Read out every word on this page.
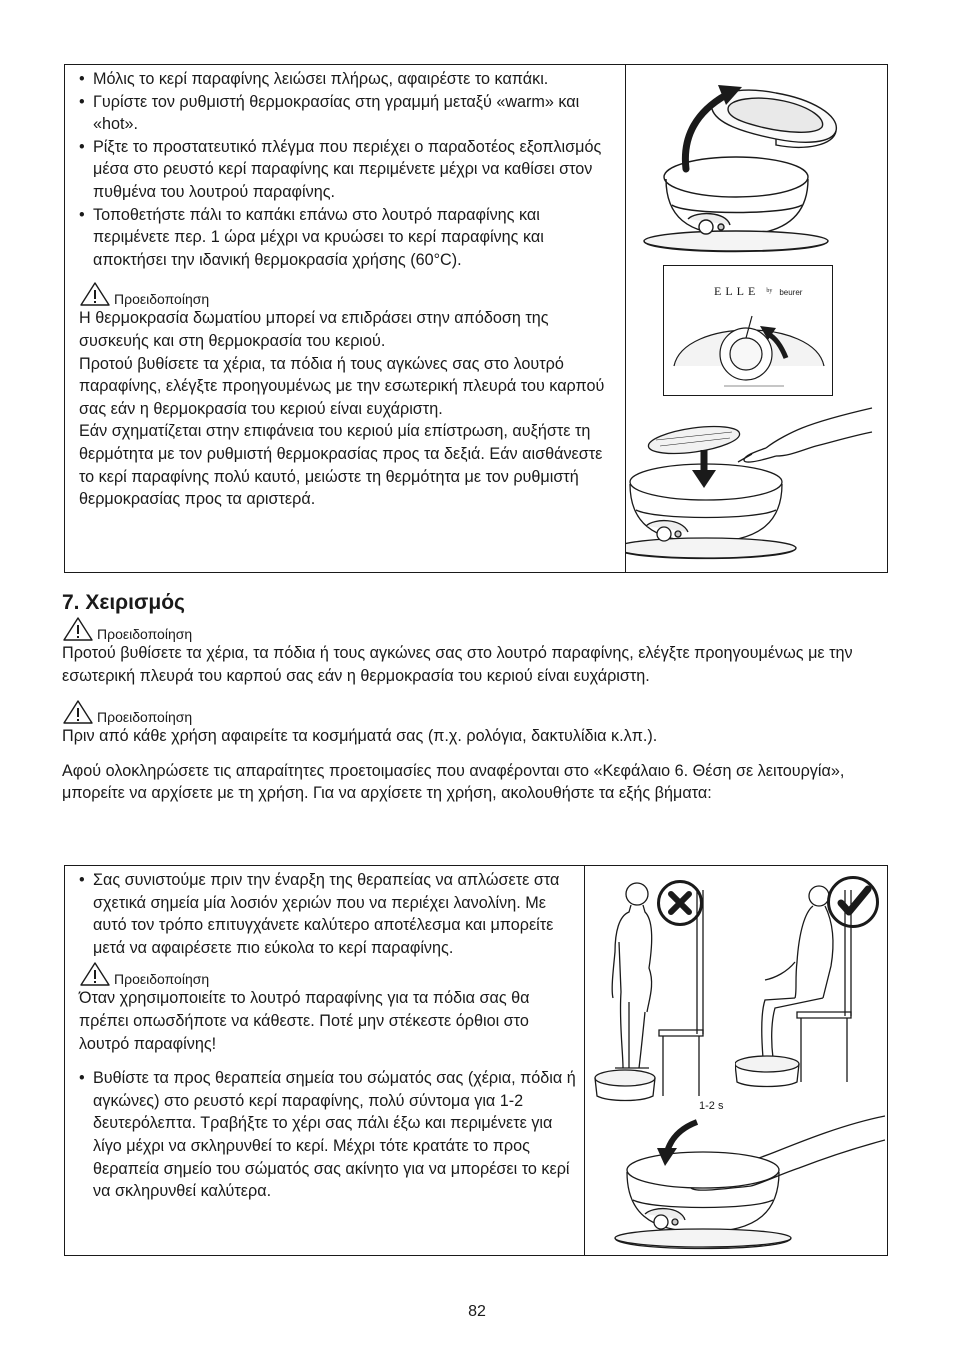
• Μόλις το κερί παραφίνης λειώσει πλήρως, αφαιρέστε το καπάκι.
• Γυρίστε τον ρυθμιστή θερμοκρασίας στη γραμμή μεταξύ «warm» και «hot».
• Ρίξτε το προστατευτικό πλέγμα που περιέχει ο παραδοτέος εξοπλισμός μέσα στο ρευστό κερί παραφίνης και περιμένετε μέχρι να καθίσει στον πυθμένα του λουτρού παραφίνης.
• Τοποθετήστε πάλι το καπάκι επάνω στο λουτρό παραφίνης και περιμένετε περ. 1 ώρα μέχρι να κρυώσει το κερί παραφίνης και αποκτήσει την ιδανική θερμοκρασία χρήσης (60°C).
Προειδοποίηση

Η θερμοκρασία δωματίου μπορεί να επιδράσει στην απόδοση της συσκευής και στη θερμοκρασία του κεριού.

Προτού βυθίσετε τα χέρια, τα πόδια ή τους αγκώνες σας στο λουτρό παραφίνης, ελέγξτε προηγουμένως με την εσωτερική πλευρά του καρπού σας εάν η θερμοκρασία του κεριού είναι ευχάριστη.

Εάν σχηματίζεται στην επιφάνεια του κεριού μία επίστρωση, αυξήστε τη θερμότητα με τον ρυθμιστή θερμοκρασίας προς τα δεξιά. Εάν αισθάνεστε το κερί παραφίνης πολύ καυτό, μειώστε τη θερμότητα με τον ρυθμιστή θερμοκρασίας προς τα αριστερά.

ELLE $^{by}$ beurer
7. Χειρισμός
Προειδοποίηση

Προτού βυθίσετε τα χέρια, τα πόδια ή τους αγκώνες σας στο λουτρό παραφίνης, ελέγξτε προηγουμένως με την εσωτερική πλευρά του καρπού σας εάν η θερμοκρασία του κεριού είναι ευχάριστη.

Προειδοποίηση

Πριν από κάθε χρήση αφαιρείτε τα κοσμήματά σας (π.χ. ρολόγια, δακτυλίδια κ.λπ.).

Αφού ολοκληρώσετε τις απαραίτητες προετοιμασίες που αναφέρονται στο «Κεφάλαιο 6. Θέση σε λειτουργία», μπορείτε να αρχίσετε με τη χρήση. Για να αρχίσετε τη χρήση, ακολουθήστε τα εξής βήματα:

• Σας συνιστούμε πριν την έναρξη της θεραπείας να απλώσετε στα σχετικά σημεία μία λοσιόν χεριών που να περιέχει λανολίνη. Με αυτό τον τρόπο επιτυγχάνετε καλύτερο αποτέλεσμα και μπορείτε μετά να αφαιρέσετε πιο εύκολα το κερί παραφίνης.
Προειδοποίηση

Όταν χρησιμοποιείτε το λουτρό παραφίνης για τα πόδια σας θα πρέπει οπωσδήποτε να κάθεστε. Ποτέ μην στέκεστε όρθιοι στο λουτρό παραφίνης!

• Βυθίστε τα προς θεραπεία σημεία του σώματός σας (χέρια, πόδια ή αγκώνες) στο ρευστό κερί παραφίνης, πολύ σύντομα για 1-2 δευτερόλεπτα. Τραβήξτε το χέρι σας πάλι έξω και περιμένετε για λίγο μέχρι να σκληρυνθεί το κερί. Μέχρι τότε κρατάτε το προς θεραπεία σημείο του σώματός σας ακίνητο για να μπορέσει το κερί να σκληρυνθεί καλύτερα.
1-2 s
82
